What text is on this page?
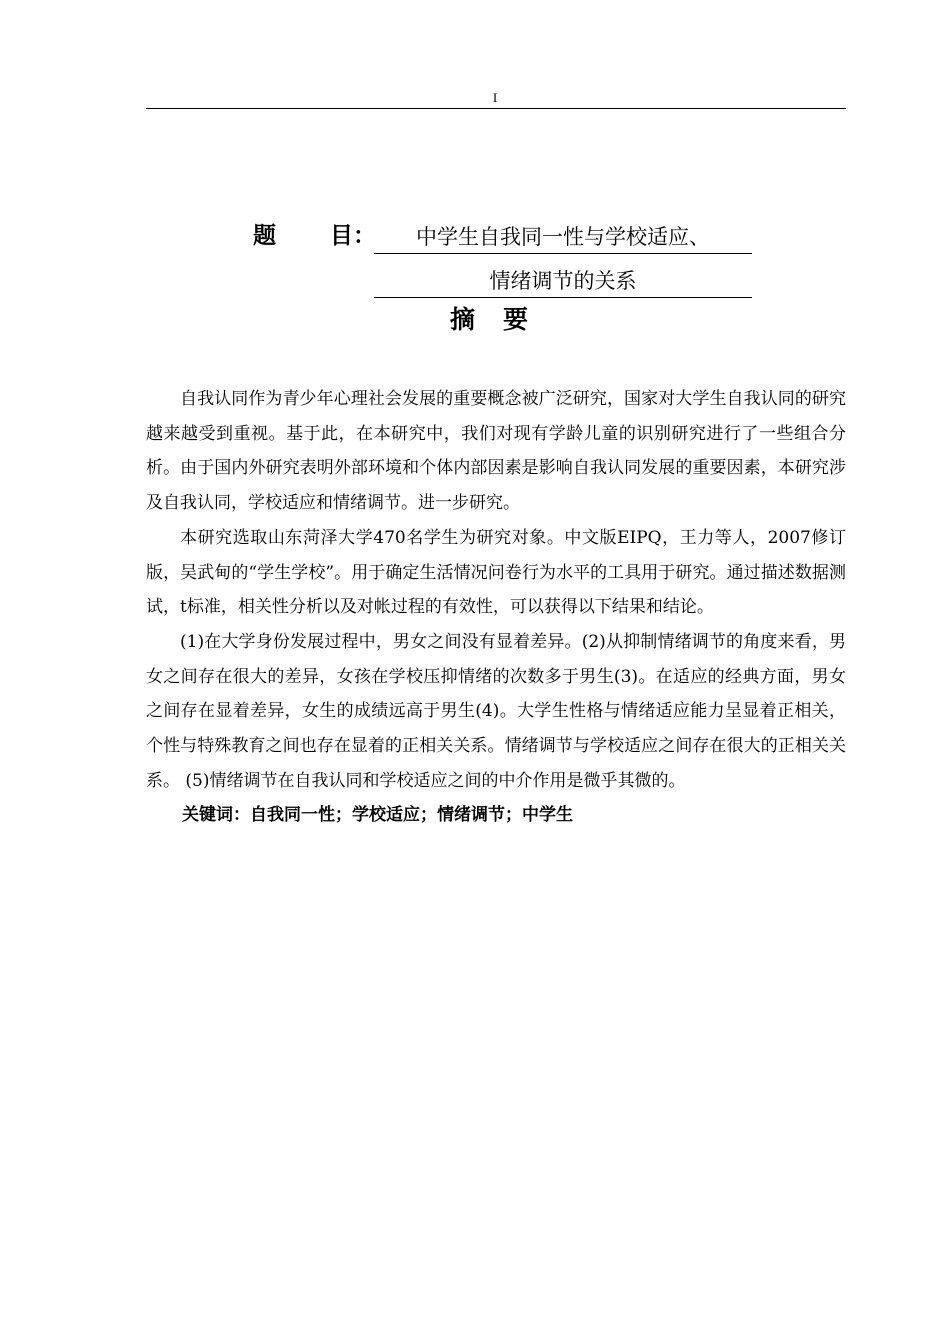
I
题 目：	中学生自我同一性与学校适应、
情绪调节的关系
摘要

自我认同作为青少年心理社会发展的重要概念被广泛研究，国家对大学生自我认同的研究越来越受到重视。基于此，在本研究中，我们对现有学龄儿童的识别研究进行了一些组合分析。由于国内外研究表明外部环境和个体内部因素是影响自我认同发展的重要因素，本研究涉及自我认同，学校适应和情绪调节。进一步研究。

本研究选取山东菏泽大学470名学生为研究对象。中文版EIPQ，王力等人，2007修订版，吴武甸的“学生学校”。用于确定生活情况问卷行为水平的工具用于研究。通过描述数据测试，t标准，相关性分析以及对帐过程的有效性，可以获得以下结果和结论。

(1)在大学身份发展过程中，男女之间没有显着差异。(2)从抑制情绪调节的角度来看，男女之间存在很大的差异，女孩在学校压抑情绪的次数多于男生(3)。在适应的经典方面，男女之间存在显着差异，女生的成绩远高于男生(4)。大学生性格与情绪适应能力呈显着正相关，个性与特殊教育之间也存在显着的正相关关系。情绪调节与学校适应之间存在很大的正相关关系。 (5)情绪调节在自我认同和学校适应之间的中介作用是微乎其微的。

关键词：自我同一性；学校适应；情绪调节；中学生
